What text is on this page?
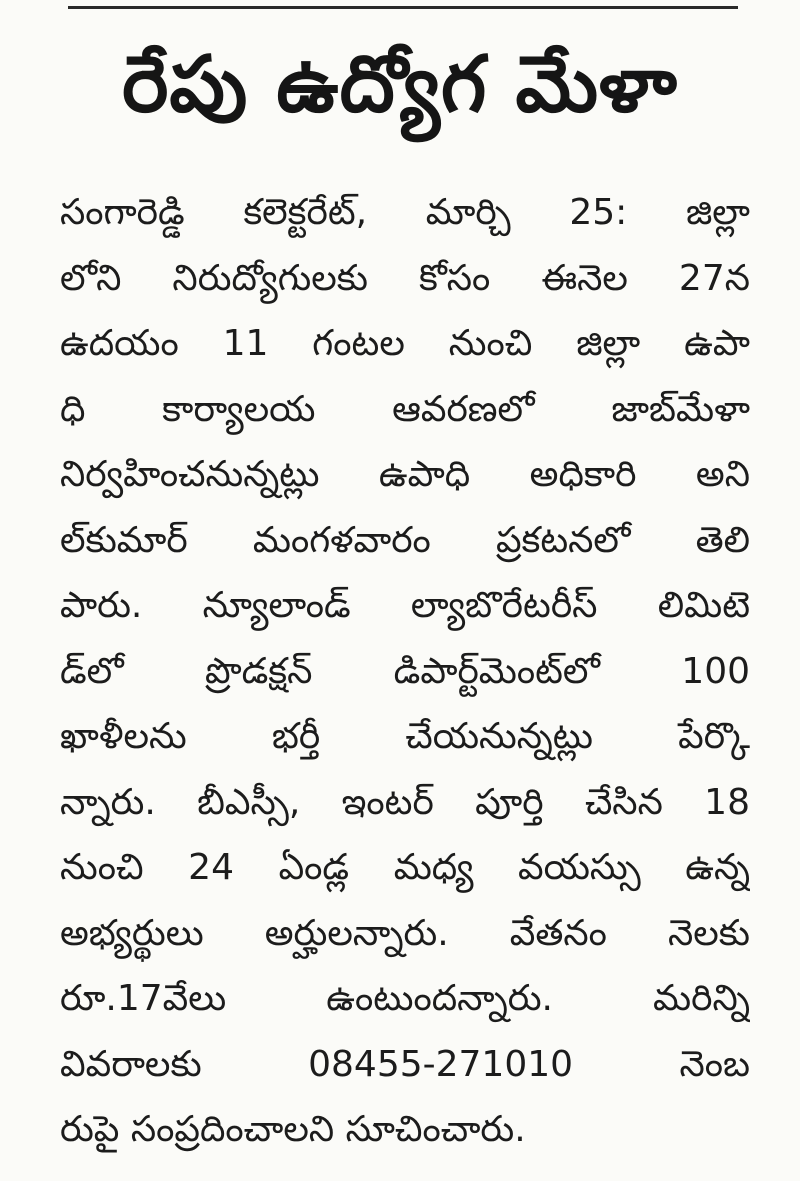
రేపు ఉద్యోగ మేళా
సంగారెడ్డి కలెక్టరేట్, మార్చి 25: జిల్లా
లోని నిరుద్యోగులకు కోసం ఈనెల 27న
ఉదయం 11 గంటల నుంచి జిల్లా ఉపా
ధి కార్యాలయ ఆవరణలో జాబ్‌మేళా
నిర్వహించనున్నట్లు ఉపాధి అధికారి అని
ల్‌కుమార్ మంగళవారం ప్రకటనలో తెలి
పారు. న్యూలాండ్ ల్యాబొరేటరీస్ లిమిటె
డ్‌లో ప్రొడక్షన్ డిపార్ట్‌మెంట్‌లో 100
ఖాళీలను భర్తీ చేయనున్నట్లు పేర్కొ
న్నారు. బీఎస్సీ, ఇంటర్ పూర్తి చేసిన 18
నుంచి 24 ఏండ్ల మధ్య వయస్సు ఉన్న
అభ్యర్థులు అర్హులన్నారు. వేతనం నెలకు
రూ.17వేలు ఉంటుందన్నారు. మరిన్ని
వివరాలకు 08455-271010 నెంబ
రుపై సంప్రదించాలని సూచించారు.
